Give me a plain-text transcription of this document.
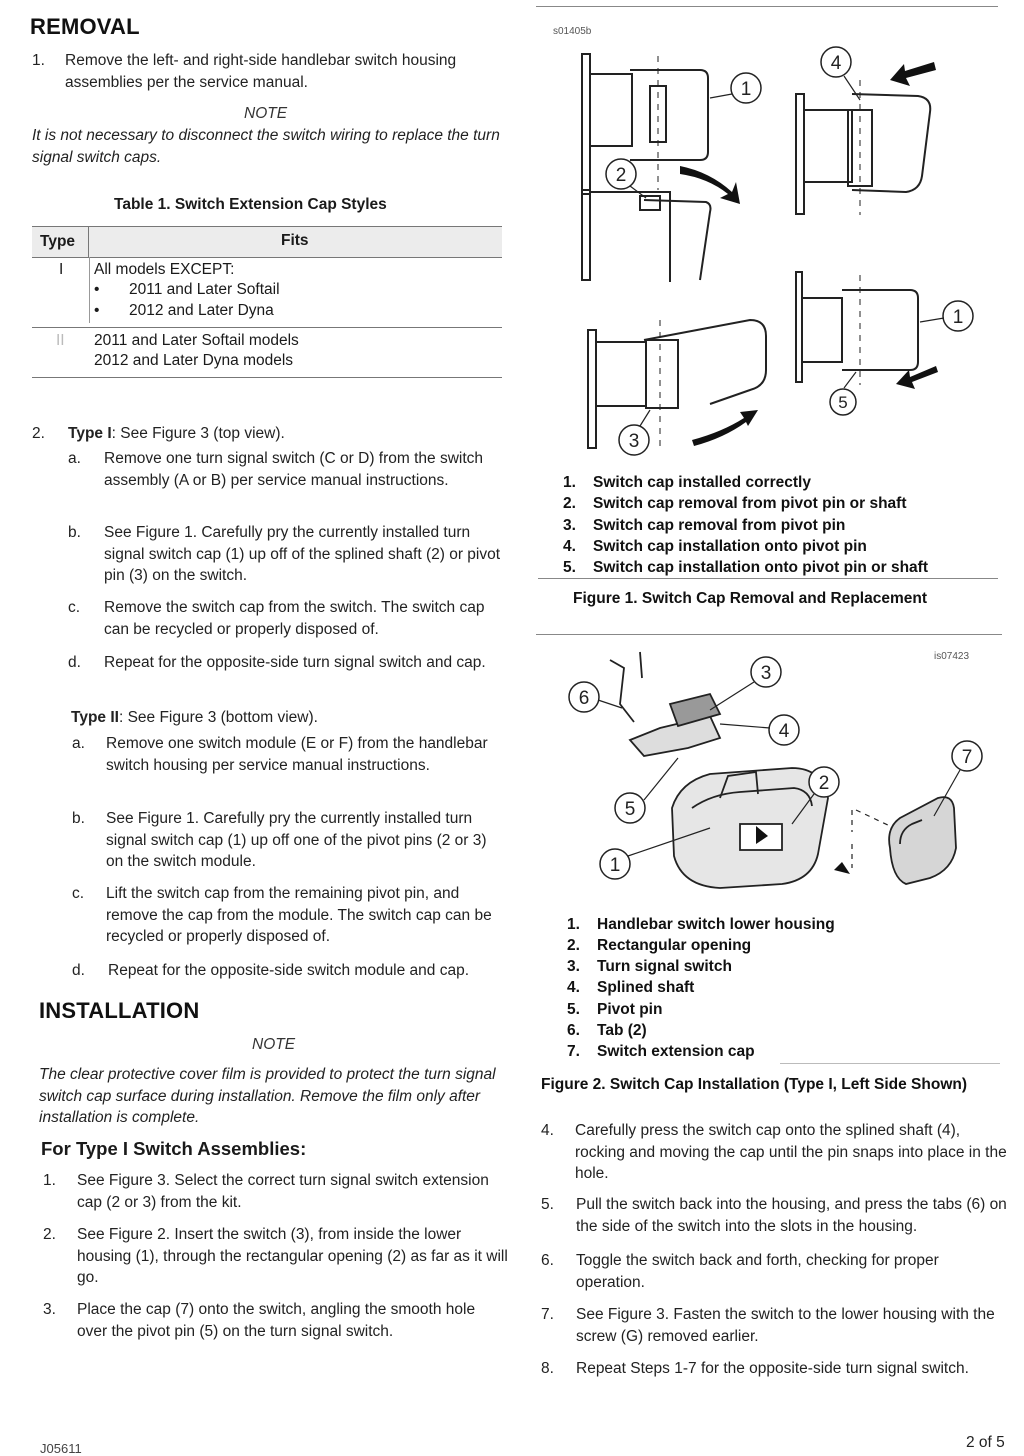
REMOVAL
1. Remove the left- and right-side handlebar switch housing assemblies per the service manual.
NOTE
It is not necessary to disconnect the switch wiring to replace the turn signal switch caps.
Table 1. Switch Extension Cap Styles
Type	Fits
I All models EXCEPT:
• 2011 and Later Softail
• 2012 and Later Dyna
II 2011 and Later Softail models
2012 and Later Dyna models
2. Type I: See Figure 3 (top view).
a. Remove one turn signal switch (C or D) from the switch assembly (A or B) per service manual instructions.
b. See Figure 1. Carefully pry the currently installed turn signal switch cap (1) up off of the splined shaft (2) or pivot pin (3) on the switch.
c. Remove the switch cap from the switch. The switch cap can be recycled or properly disposed of.
d. Repeat for the opposite-side turn signal switch and cap.
Type II: See Figure 3 (bottom view).
a. Remove one switch module (E or F) from the handlebar switch housing per service manual instructions.
b. See Figure 1. Carefully pry the currently installed turn signal switch cap (1) up off one of the pivot pins (2 or 3) on the switch module.
c. Lift the switch cap from the remaining pivot pin, and remove the cap from the module. The switch cap can be recycled or properly disposed of.
d. Repeat for the opposite-side switch module and cap.
INSTALLATION
NOTE
The clear protective cover film is provided to protect the turn signal switch cap surface during installation. Remove the film only after installation is complete.
For Type I Switch Assemblies:
1. See Figure 3. Select the correct turn signal switch extension cap (2 or 3) from the kit.
2. See Figure 2. Insert the switch (3), from inside the lower housing (1), through the rectangular opening (2) as far as it will go.
3. Place the cap (7) onto the switch, angling the smooth hole over the pivot pin (5) on the turn signal switch.
s01405b
1
2
3
4
1
5
1. Switch cap installed correctly
2. Switch cap removal from pivot pin or shaft
3. Switch cap removal from pivot pin
4. Switch cap installation onto pivot pin
5. Switch cap installation onto pivot pin or shaft
Figure 1. Switch Cap Removal and Replacement
is07423
1
2
3
4
5
6
7
1. Handlebar switch lower housing
2. Rectangular opening
3. Turn signal switch
4. Splined shaft
5. Pivot pin
6. Tab (2)
7. Switch extension cap
Figure 2. Switch Cap Installation (Type I, Left Side Shown)
4. Carefully press the switch cap onto the splined shaft (4), rocking and moving the cap until the pin snaps into place in the hole.
5. Pull the switch back into the housing, and press the tabs (6) on the side of the switch into the slots in the housing.
6. Toggle the switch back and forth, checking for proper operation.
7. See Figure 3. Fasten the switch to the lower housing with the screw (G) removed earlier.
8. Repeat Steps 1-7 for the opposite-side turn signal switch.
J05611	2 of 5
